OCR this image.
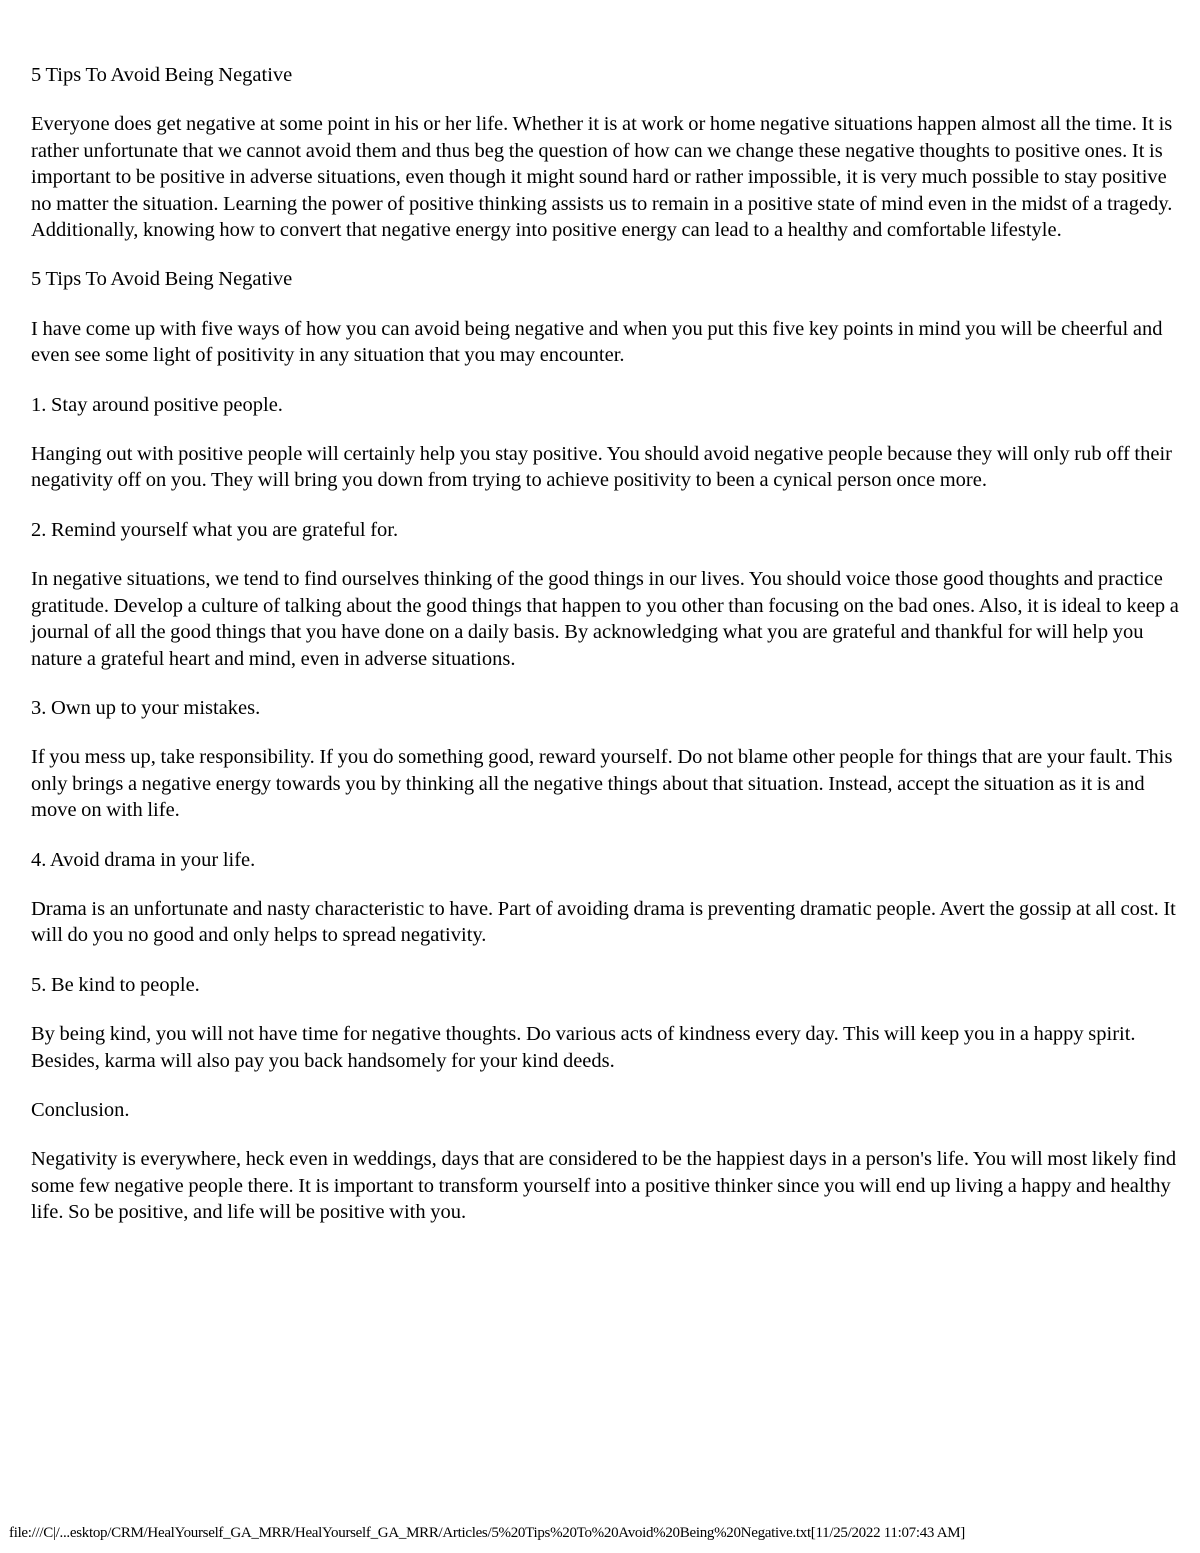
5 Tips To Avoid Being Negative

Everyone does get negative at some point in his or her life. Whether it is at work or home negative situations happen almost all the time. It is rather unfortunate that we cannot avoid them and thus beg the question of how can we change these negative thoughts to positive ones. It is important to be positive in adverse situations, even though it might sound hard or rather impossible, it is very much possible to stay positive no matter the situation. Learning the power of positive thinking assists us to remain in a positive state of mind even in the midst of a tragedy. Additionally, knowing how to convert that negative energy into positive energy can lead to a healthy and comfortable lifestyle.

5 Tips To Avoid Being Negative

I have come up with five ways of how you can avoid being negative and when you put this five key points in mind you will be cheerful and even see some light of positivity in any situation that you may encounter.

1. Stay around positive people.

Hanging out with positive people will certainly help you stay positive. You should avoid negative people because they will only rub off their negativity off on you. They will bring you down from trying to achieve positivity to been a cynical person once more.

2. Remind yourself what you are grateful for.

In negative situations, we tend to find ourselves thinking of the good things in our lives. You should voice those good thoughts and practice gratitude. Develop a culture of talking about the good things that happen to you other than focusing on the bad ones. Also, it is ideal to keep a journal of all the good things that you have done on a daily basis. By acknowledging what you are grateful and thankful for will help you nature a grateful heart and mind, even in adverse situations.

3. Own up to your mistakes.

If you mess up, take responsibility. If you do something good, reward yourself. Do not blame other people for things that are your fault. This only brings a negative energy towards you by thinking all the negative things about that situation. Instead, accept the situation as it is and move on with life.

4. Avoid drama in your life.

Drama is an unfortunate and nasty characteristic to have. Part of avoiding drama is preventing dramatic people. Avert the gossip at all cost. It will do you no good and only helps to spread negativity.

5. Be kind to people.

By being kind, you will not have time for negative thoughts. Do various acts of kindness every day. This will keep you in a happy spirit. Besides, karma will also pay you back handsomely for your kind deeds.

Conclusion.

Negativity is everywhere, heck even in weddings, days that are considered to be the happiest days in a person's life. You will most likely find some few negative people there. It is important to transform yourself into a positive thinker since you will end up living a happy and healthy life. So be positive, and life will be positive with you.

file:///C|/...esktop/CRM/HealYourself_GA_MRR/HealYourself_GA_MRR/Articles/5%20Tips%20To%20Avoid%20Being%20Negative.txt[11/25/2022 11:07:43 AM]
